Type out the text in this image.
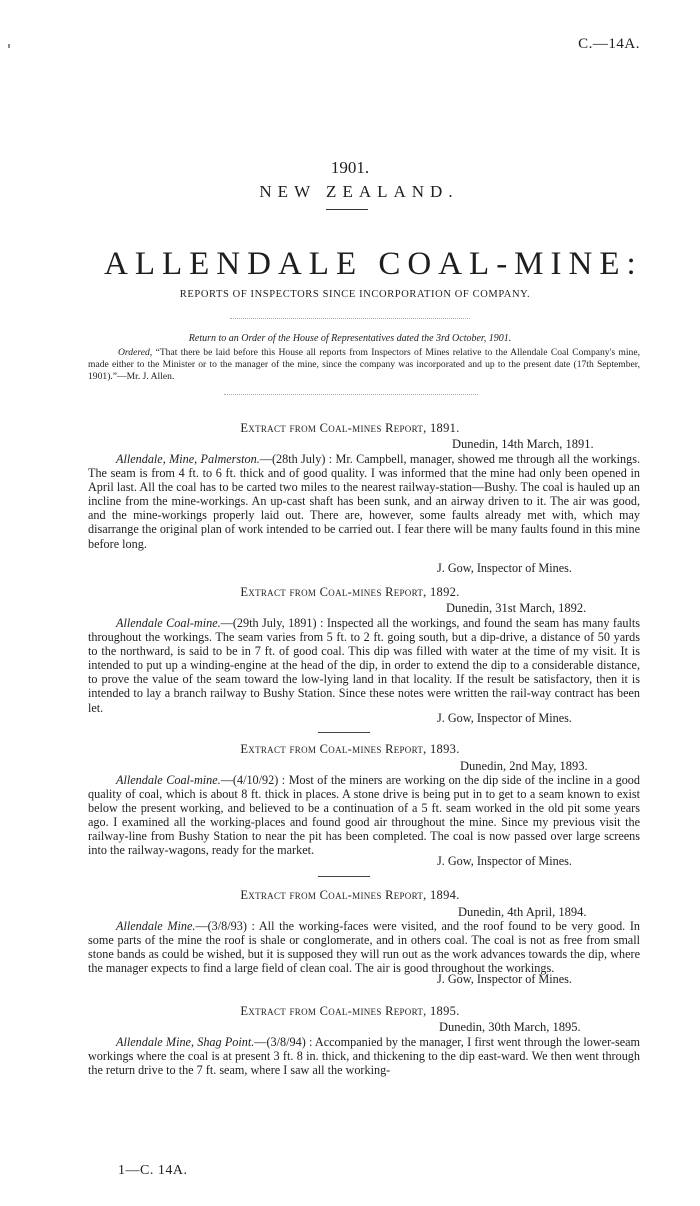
C.—14A.
1901.
NEW ZEALAND.
ALLENDALE COAL-MINE:
REPORTS OF INSPECTORS SINCE INCORPORATION OF COMPANY.
Return to an Order of the House of Representatives dated the 3rd October, 1901.

Ordered, “That there be laid before this House all reports from Inspectors of Mines relative to the Allendale Coal Company's mine, made either to the Minister or to the manager of the mine, since the company was incorporated and up to the present date (17th September, 1901).”—Mr. J. Allen.

Extract from Coal-mines Report, 1891.
Dunedin, 14th March, 1891.

Allendale, Mine, Palmerston.—(28th July) : Mr. Campbell, manager, showed me through all the workings. The seam is from 4 ft. to 6 ft. thick and of good quality. I was informed that the mine had only been opened in April last. All the coal has to be carted two miles to the nearest railway-station—Bushy. The coal is hauled up an incline from the mine-workings. An up-cast shaft has been sunk, and an airway driven to it. The air was good, and the mine-workings properly laid out. There are, however, some faults already met with, which may disarrange the original plan of work intended to be carried out. I fear there will be many faults found in this mine before long.

J. Gow, Inspector of Mines.
Extract from Coal-mines Report, 1892.
Dunedin, 31st March, 1892.

Allendale Coal-mine.—(29th July, 1891) : Inspected all the workings, and found the seam has many faults throughout the workings. The seam varies from 5 ft. to 2 ft. going south, but a dip-drive, a distance of 50 yards to the northward, is said to be in 7 ft. of good coal. This dip was filled with water at the time of my visit. It is intended to put up a winding-engine at the head of the dip, in order to extend the dip to a considerable distance, to prove the value of the seam toward the low-lying land in that locality. If the result be satisfactory, then it is intended to lay a branch railway to Bushy Station. Since these notes were written the rail-way contract has been let.

J. Gow, Inspector of Mines.
Extract from Coal-mines Report, 1893.
Dunedin, 2nd May, 1893.

Allendale Coal-mine.—(4/10/92) : Most of the miners are working on the dip side of the incline in a good quality of coal, which is about 8 ft. thick in places. A stone drive is being put in to get to a seam known to exist below the present working, and believed to be a continuation of a 5 ft. seam worked in the old pit some years ago. I examined all the working-places and found good air throughout the mine. Since my previous visit the railway-line from Bushy Station to near the pit has been completed. The coal is now passed over large screens into the railway-wagons, ready for the market.

J. Gow, Inspector of Mines.
Extract from Coal-mines Report, 1894.
Dunedin, 4th April, 1894.

Allendale Mine.—(3/8/93) : All the working-faces were visited, and the roof found to be very good. In some parts of the mine the roof is shale or conglomerate, and in others coal. The coal is not as free from small stone bands as could be wished, but it is supposed they will run out as the work advances towards the dip, where the manager expects to find a large field of clean coal. The air is good throughout the workings.

J. Gow, Inspector of Mines.
Extract from Coal-mines Report, 1895.
Dunedin, 30th March, 1895.

Allendale Mine, Shag Point.—(3/8/94) : Accompanied by the manager, I first went through the lower-seam workings where the coal is at present 3 ft. 8 in. thick, and thickening to the dip east-ward. We then went through the return drive to the 7 ft. seam, where I saw all the working-

1—C. 14A.
